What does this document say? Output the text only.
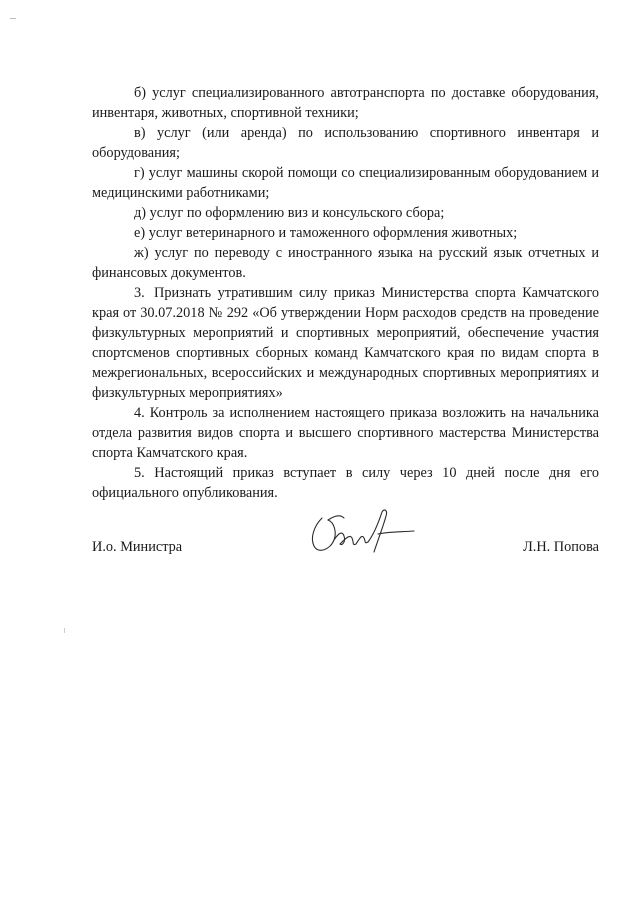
б) услуг специализированного автотранспорта по доставке оборудования, инвентаря, животных, спортивной техники;

в) услуг (или аренда) по использованию спортивного инвентаря и оборудования;

г) услуг машины скорой помощи со специализированным оборудованием и медицинскими работниками;

д) услуг по оформлению виз и консульского сбора;

е) услуг ветеринарного и таможенного оформления животных;

ж) услуг по переводу с иностранного языка на русский язык отчетных и финансовых документов.

3. Признать утратившим силу приказ Министерства спорта Камчатского края от 30.07.2018 № 292 «Об утверждении Норм расходов средств на проведение физкультурных мероприятий и спортивных мероприятий, обеспечение участия спортсменов спортивных сборных команд Камчатского края по видам спорта в межрегиональных, всероссийских и международных спортивных мероприятиях и физкультурных мероприятиях»

4. Контроль за исполнением настоящего приказа возложить на начальника отдела развития видов спорта и высшего спортивного мастерства Министерства спорта Камчатского края.

5. Настоящий приказ вступает в силу через 10 дней после дня его официального опубликования.

И.о. Министра	Л.Н. Попова
